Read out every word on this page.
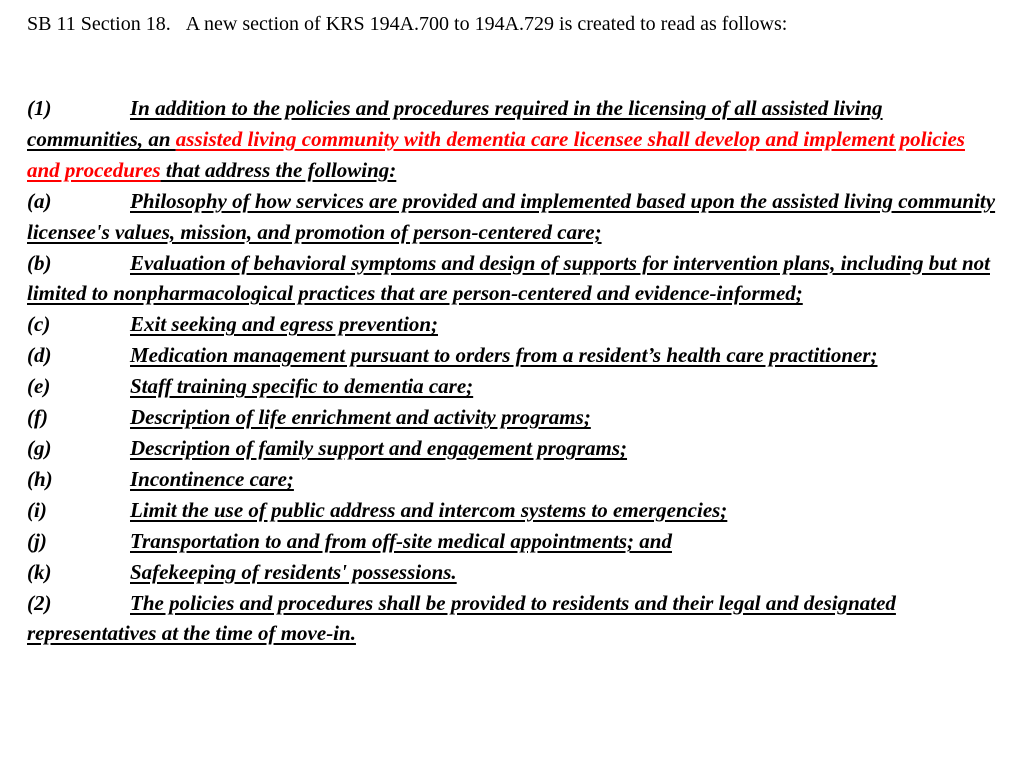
SB 11 Section 18. A new section of KRS 194A.700 to 194A.729 is created to read as follows:

(1)	In addition to the policies and procedures required in the licensing of all assisted living communities, an assisted living community with dementia care licensee shall develop and implement policies and procedures that address the following:

(a)	Philosophy of how services are provided and implemented based upon the assisted living community licensee's values, mission, and promotion of person-centered care;

(b)	Evaluation of behavioral symptoms and design of supports for intervention plans, including but not limited to nonpharmacological practices that are person-centered and evidence-informed;

(c)	Exit seeking and egress prevention;

(d)	Medication management pursuant to orders from a resident’s health care practitioner;

(e)	Staff training specific to dementia care;

(f)	Description of life enrichment and activity programs;

(g)	Description of family support and engagement programs;

(h)	Incontinence care;

(i)	Limit the use of public address and intercom systems to emergencies;

(j)	Transportation to and from off-site medical appointments; and

(k)	Safekeeping of residents' possessions.

(2)	The policies and procedures shall be provided to residents and their legal and designated representatives at the time of move-in.
